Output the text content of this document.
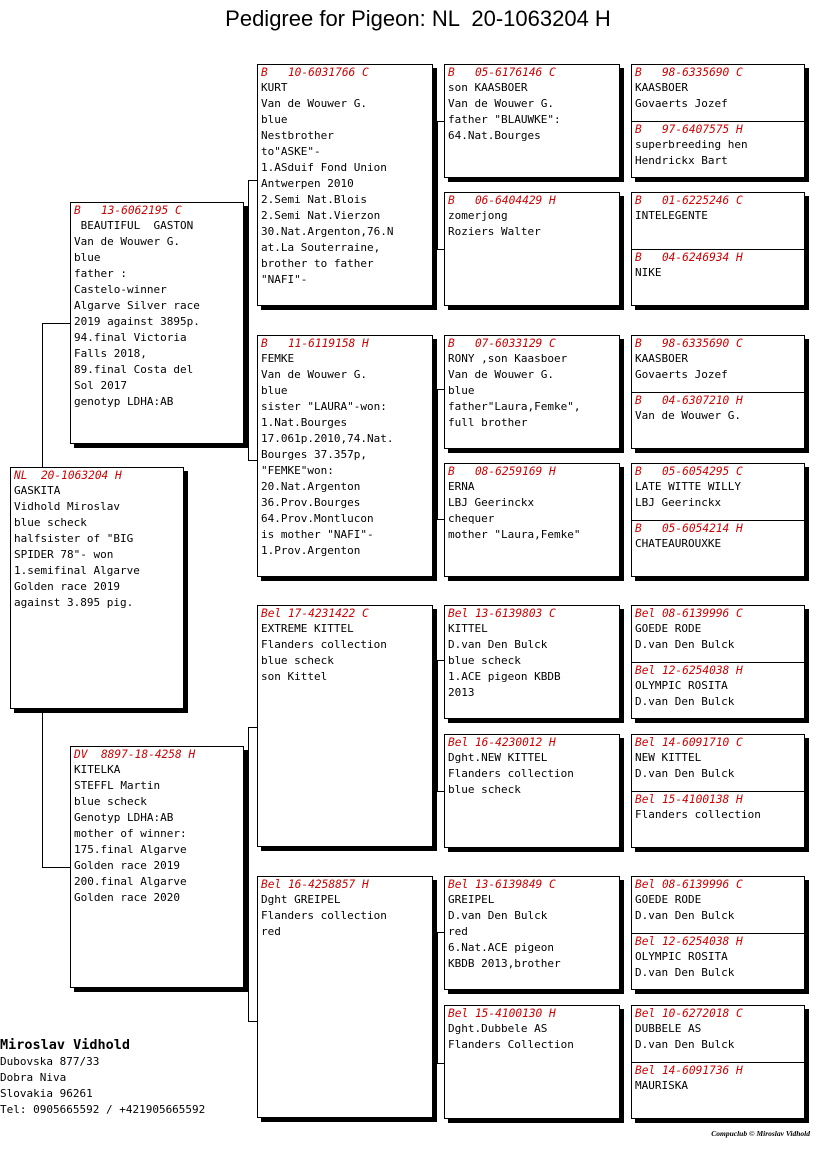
Pedigree for Pigeon: NL  20-1063204 H
NL  20-1063204 H
GASKITA
Vidhold Miroslav
blue scheck
halfsister of "BIG
SPIDER 78"- won
1.semifinal Algarve
Golden race 2019
against 3.895 pig.
B   13-6062195 C
BEAUTIFUL  GASTON
Van de Wouwer G.
blue
father :
Castelo-winner
Algarve Silver race
2019 against 3895p.
94.final Victoria
Falls 2018,
89.final Costa del
Sol 2017
genotyp LDHA:AB
DV  8897-18-4258 H
KITELKA
STEFFL Martin
blue scheck
Genotyp LDHA:AB
mother of winner:
175.final Algarve
Golden race 2019
200.final Algarve
Golden race 2020
B   10-6031766 C
KURT
Van de Wouwer G.
blue
Nestbrother
to"ASKE"-
1.ASduif Fond Union
Antwerpen 2010
2.Semi Nat.Blois
2.Semi Nat.Vierzon
30.Nat.Argenton,76.N
at.La Souterraine,
brother to father
"NAFI"-
B   11-6119158 H
FEMKE
Van de Wouwer G.
blue
sister "LAURA"-won:
1.Nat.Bourges
17.061p.2010,74.Nat.
Bourges 37.357p,
"FEMKE"won:
20.Nat.Argenton
36.Prov.Bourges
64.Prov.Montlucon
is mother "NAFI"-
1.Prov.Argenton
Bel 17-4231422 C
EXTREME KITTEL
Flanders collection
blue scheck
son Kittel
Bel 16-4258857 H
Dght GREIPEL
Flanders collection
red
B   05-6176146 C
son KAASBOER
Van de Wouwer G.
father "BLAUWKE":
64.Nat.Bourges
B   06-6404429 H
zomerjong
Roziers Walter
B   07-6033129 C
RONY ,son Kaasboer
Van de Wouwer G.
blue
father"Laura,Femke",
full brother
B   08-6259169 H
ERNA
LBJ Geerinckx
chequer
mother "Laura,Femke"
Bel 13-6139803 C
KITTEL
D.van Den Bulck
blue scheck
1.ACE pigeon KBDB
2013
Bel 16-4230012 H
Dght.NEW KITTEL
Flanders collection
blue scheck
Bel 13-6139849 C
GREIPEL
D.van Den Bulck
red
6.Nat.ACE pigeon
KBDB 2013,brother
Bel 15-4100130 H
Dght.Dubbele AS
Flanders Collection
B   98-6335690 C
KAASBOER
Govaerts Jozef
B   97-6407575 H
superbreeding hen
Hendrickx Bart
B   01-6225246 C
INTELEGENTE
B   04-6246934 H
NIKE
B   98-6335690 C
KAASBOER
Govaerts Jozef
B   04-6307210 H
Van de Wouwer G.
B   05-6054295 C
LATE WITTE WILLY
LBJ Geerinckx
B   05-6054214 H
CHATEAUROUXKE
Bel 08-6139996 C
GOEDE RODE
D.van Den Bulck
Bel 12-6254038 H
OLYMPIC ROSITA
D.van Den Bulck
Bel 14-6091710 C
NEW KITTEL
D.van Den Bulck
Bel 15-4100138 H
Flanders collection
Bel 08-6139996 C
GOEDE RODE
D.van Den Bulck
Bel 12-6254038 H
OLYMPIC ROSITA
D.van Den Bulck
Bel 10-6272018 C
DUBBELE AS
D.van Den Bulck
Bel 14-6091736 H
MAURISKA
Miroslav Vidhold
Dubovska 877/33
Dobra Niva
Slovakia 96261
Tel: 0905665592 / +421905665592
Compuclub © Miroslav Vidhold
